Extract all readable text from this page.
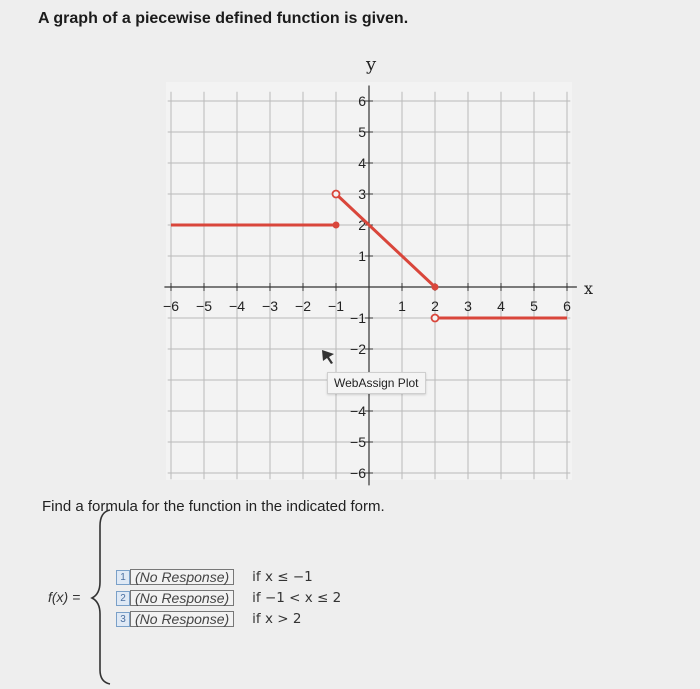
A graph of a piecewise defined function is given.
−6 −5 −4 −3 −2 −1	1 2 3 4 5 6
6
5
4
3
2
1
−1
−2
−4
−5
−6
x
y
WebAssign Plot
Find a formula for the function in the indicated form.
f(x) =
1 (No Response)	if x ≤ −1
2 (No Response)	if −1 < x ≤ 2
3 (No Response)	if x > 2
